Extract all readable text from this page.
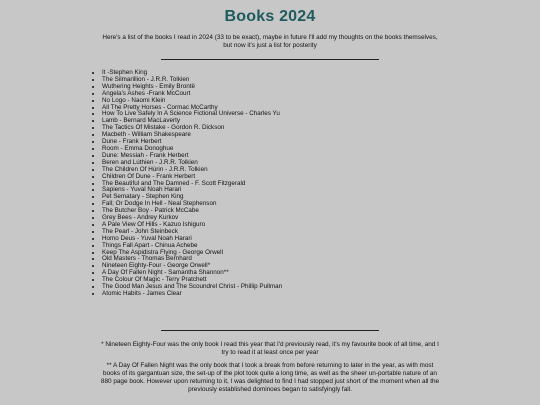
Books 2024

Here's a list of the books I read in 2024 (33 to be exact), maybe in future I'll add my thoughts on the books themselves, but now it's just a list for posterity

• It -Stephen King
• The Silmarillion - J.R.R. Tolkien
• Wuthering Heights - Emily Brontë
• Angela's Ashes -Frank McCourt
• No Logo - Naomi Klein
• All The Pretty Horses - Cormac McCarthy
• How To Live Safely In A Science Fictional Universe - Charles Yu
• Lamb - Bernard MacLaverty
• The Tactics Of Mistake - Gordon R. Dickson
• Macbeth - William Shakespeare
• Dune - Frank Herbert
• Room - Emma Donoghue
• Dune: Messiah - Frank Herbert
• Beren and Lúthien - J.R.R. Tolkien
• The Children Of Húrin - J.R.R. Tolkien
• Children Of Dune - Frank Herbert
• The Beautiful and The Damned - F. Scott Fitzgerald
• Sapiens - Yuval Noah Harari
• Pet Sematary - Stephen King
• Fall; Or Dodge In Hell - Neal Stephenson
• The Butcher Boy - Patrick McCabe
• Grey Bees - Andrey Kurkov
• A Pale View Of Hills - Kazuo Ishiguro
• The Pearl - John Steinbeck
• Homo Deus - Yuval Noah Harari
• Things Fall Apart - Chinua Achebe
• Keep The Aspidistra Flying - George Orwell
• Old Masters - Thomas Bernhard
• Nineteen Eighty-Four - George Orwell*
• A Day Of Fallen Night - Samantha Shannon**
• The Colour Of Magic - Terry Pratchett
• The Good Man Jesus and The Scoundrel Christ - Phillip Pullman
• Atomic Habits - James Clear

* Nineteen Eighty-Four was the only book I read this year that I'd previously read, it's my favourite book of all time, and I try to read it at least once per year

** A Day Of Fallen Night was the only book that I took a break from before returning to later in the year, as with most books of its gargantuan size, the set-up of the plot took quite a long time, as well as the sheer un-portable nature of an 880 page book. However upon returning to it, I was delighted to find I had stopped just short of the moment when all the previously established dominoes began to satisfyingly fall.
